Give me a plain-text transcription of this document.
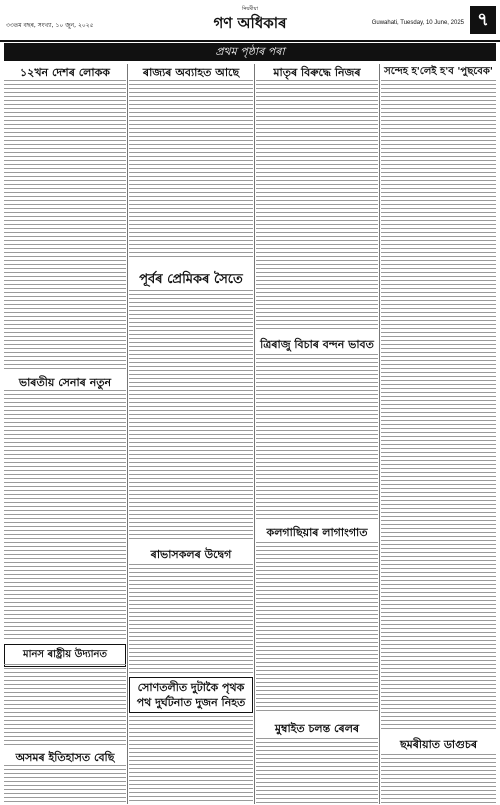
৩৩তম বছৰ, সংখ্যা, ১০ জুন, ২০২৫
নিয়মীয়া
গণ অধিকাৰ	Guwahati, Tuesday, 10 June, 2025 ৭
প্ৰথম পৃষ্ঠাৰ পৰা
১২খন দেশৰ লোকক
ভাৰতীয় সেনাৰ নতুন
মানস ৰাষ্ট্ৰীয় উদ্যানত
অসমৰ ইতিহাসত বেছি
ৰাজ্যৰ অব্যাহত আছে
পূৰ্বৰ প্ৰেমিকৰ সৈতে
ৰাভাসকলৰ উদ্বেগ
সোণতলীত দুটাকৈ পৃথক পথ দুৰ্ঘটনাত দুজন নিহত
মাতৃৰ বিৰুদ্ধে নিজৰ
ত্ৰিৰাজু বিচাৰ বন্দন ভাবত
কলগাছিয়াৰ লাগাংগাত
মুম্বাইত চলন্ত ৰেলৰ
সন্দেহ হ'লেই হ'ব 'পুছবেক'
ছমৰীয়াত ডাগুচৰ
